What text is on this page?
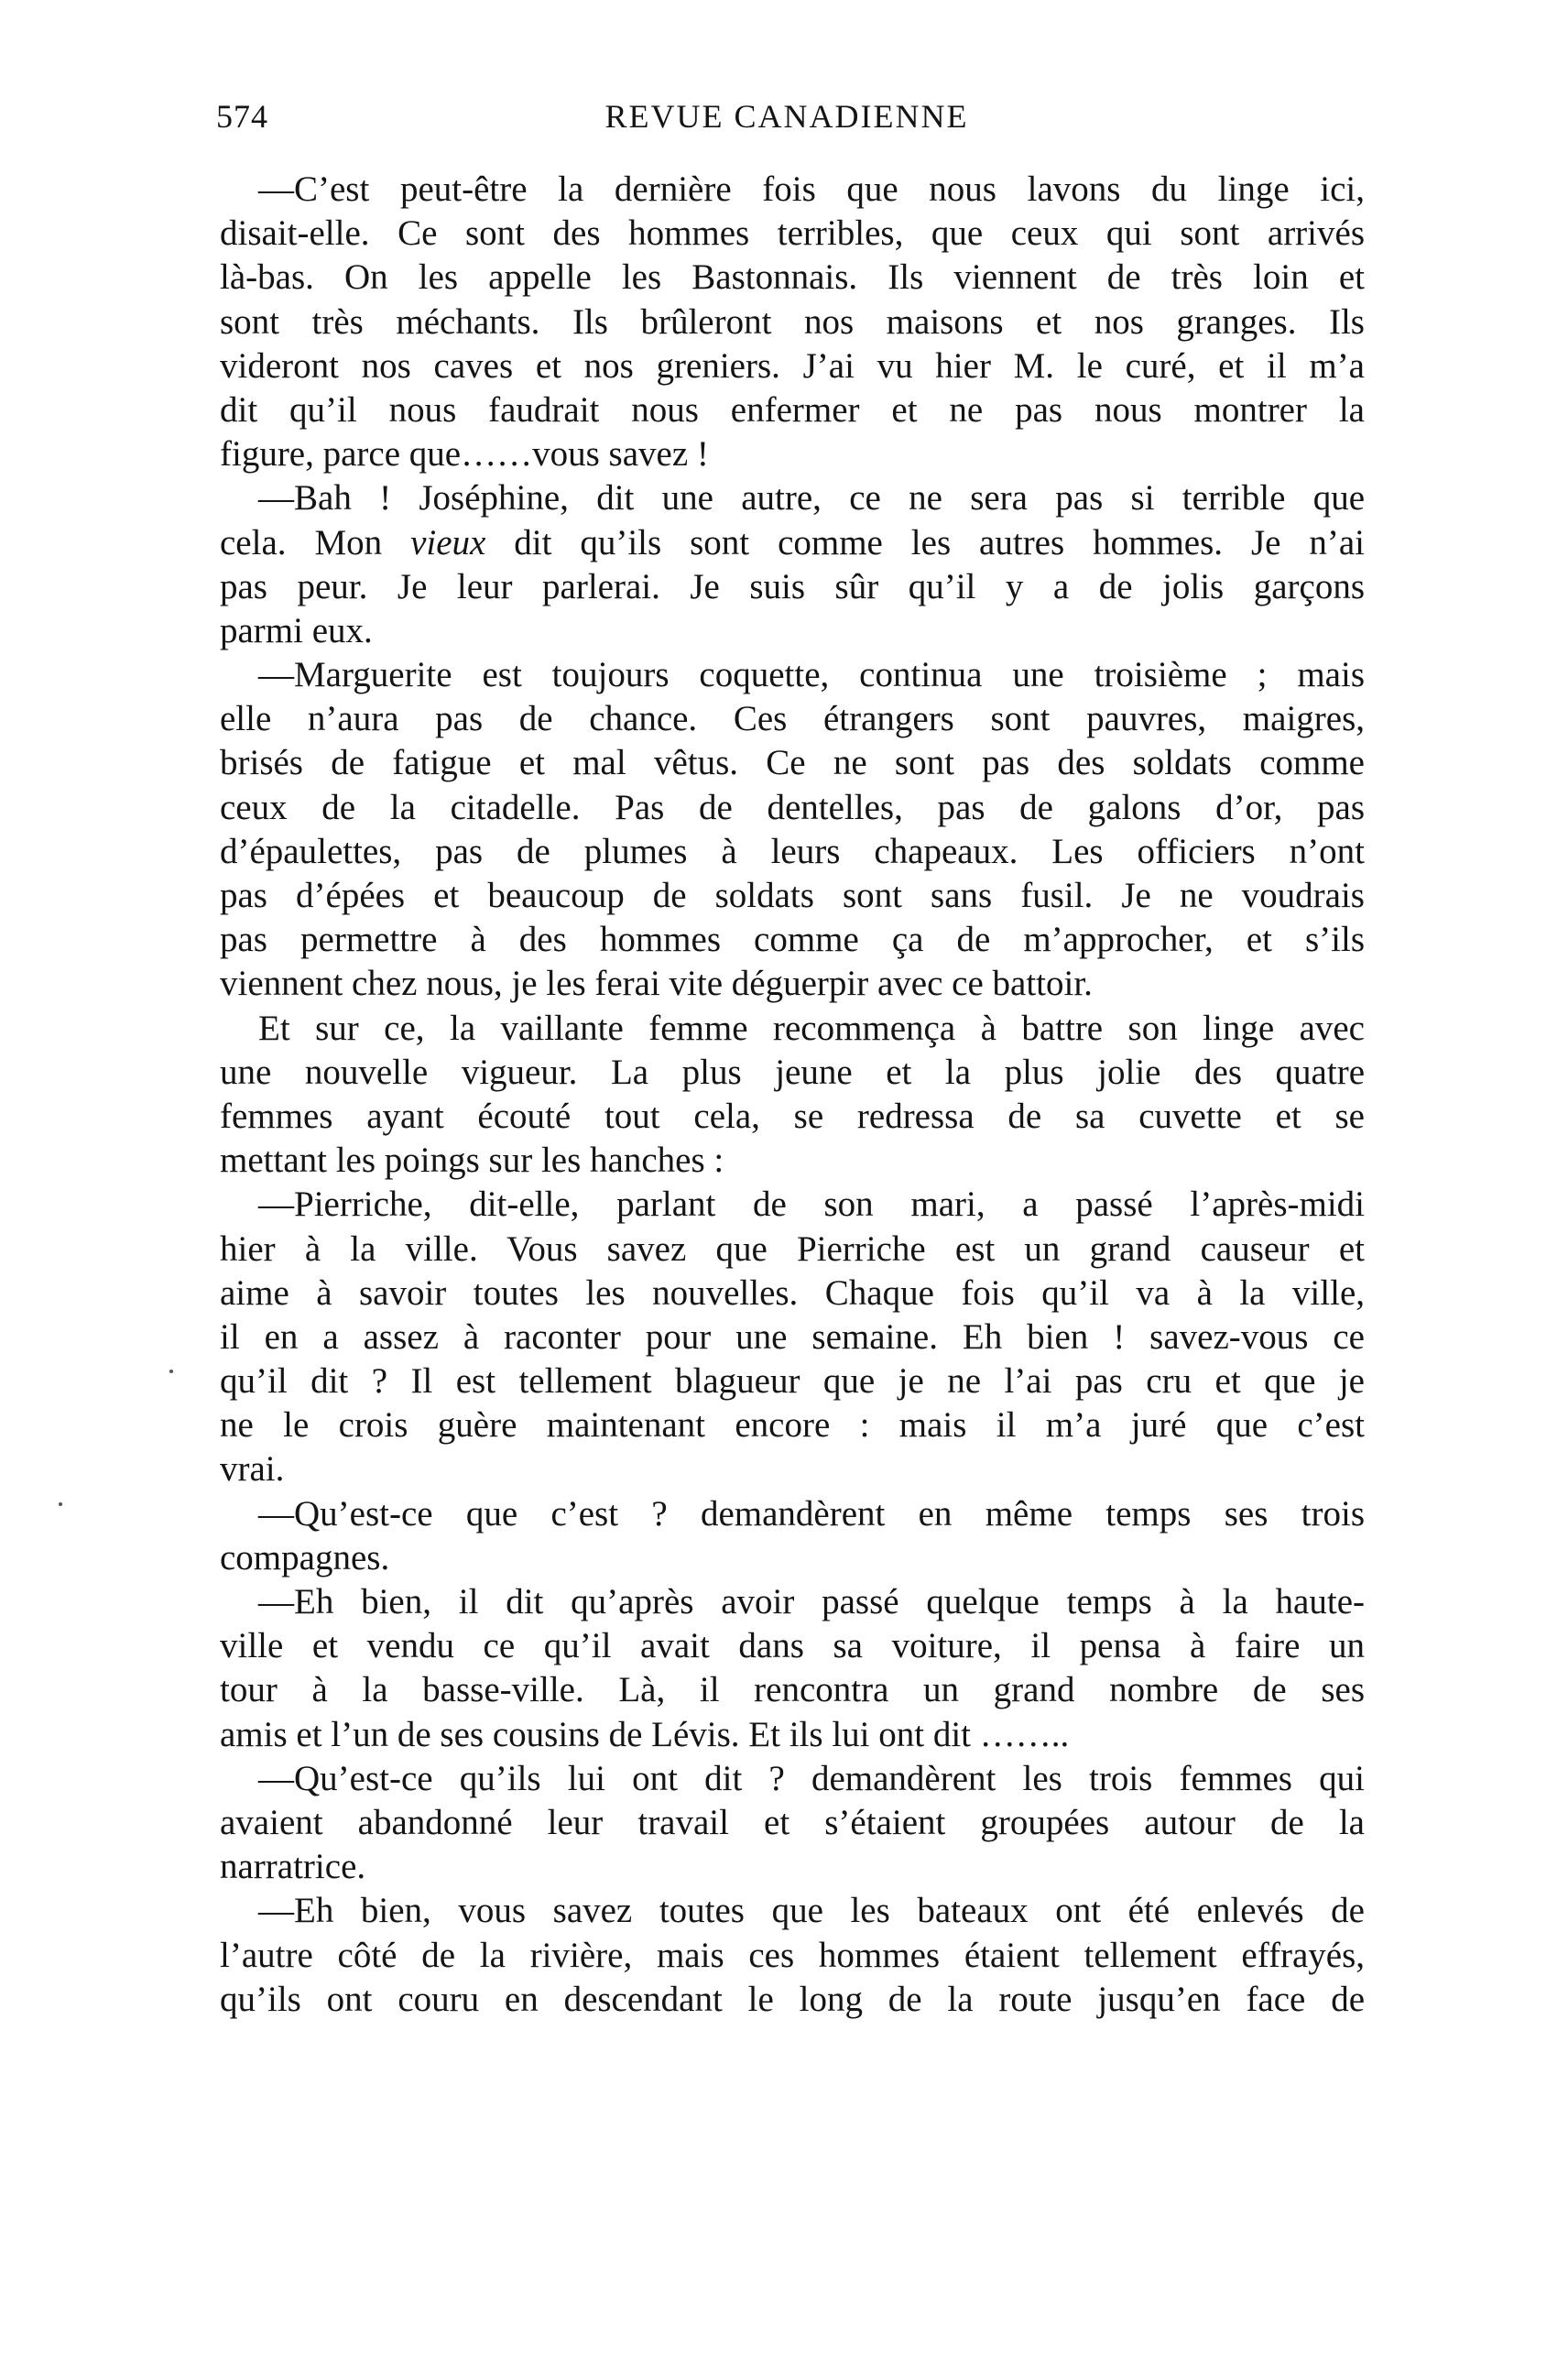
574	REVUE CANADIENNE
—C’est peut-être la dernière fois que nous lavons du linge ici,
disait-elle. Ce sont des hommes terribles, que ceux qui sont arrivés
là-bas. On les appelle les Bastonnais. Ils viennent de très loin et
sont très méchants. Ils brûleront nos maisons et nos granges. Ils
videront nos caves et nos greniers. J’ai vu hier M. le curé, et il m’a
dit qu’il nous faudrait nous enfermer et ne pas nous montrer la
figure, parce que……vous savez !
—Bah ! Joséphine, dit une autre, ce ne sera pas si terrible que
cela. Mon vieux dit qu’ils sont comme les autres hommes. Je n’ai
pas peur. Je leur parlerai. Je suis sûr qu’il y a de jolis garçons
parmi eux.
—Marguerite est toujours coquette, continua une troisième ; mais
elle n’aura pas de chance. Ces étrangers sont pauvres, maigres,
brisés de fatigue et mal vêtus. Ce ne sont pas des soldats comme
ceux de la citadelle. Pas de dentelles, pas de galons d’or, pas
d’épaulettes, pas de plumes à leurs chapeaux. Les officiers n’ont
pas d’épées et beaucoup de soldats sont sans fusil. Je ne voudrais
pas permettre à des hommes comme ça de m’approcher, et s’ils
viennent chez nous, je les ferai vite déguerpir avec ce battoir.
Et sur ce, la vaillante femme recommença à battre son linge avec
une nouvelle vigueur. La plus jeune et la plus jolie des quatre
femmes ayant écouté tout cela, se redressa de sa cuvette et se
mettant les poings sur les hanches :
—Pierriche, dit-elle, parlant de son mari, a passé l’après-midi
hier à la ville. Vous savez que Pierriche est un grand causeur et
aime à savoir toutes les nouvelles. Chaque fois qu’il va à la ville,
il en a assez à raconter pour une semaine. Eh bien ! savez-vous ce
qu’il dit ? Il est tellement blagueur que je ne l’ai pas cru et que je
ne le crois guère maintenant encore : mais il m’a juré que c’est
vrai.
—Qu’est-ce que c’est ? demandèrent en même temps ses trois
compagnes.
—Eh bien, il dit qu’après avoir passé quelque temps à la haute-
ville et vendu ce qu’il avait dans sa voiture, il pensa à faire un
tour à la basse-ville. Là, il rencontra un grand nombre de ses
amis et l’un de ses cousins de Lévis. Et ils lui ont dit ……..
—Qu’est-ce qu’ils lui ont dit ? demandèrent les trois femmes qui
avaient abandonné leur travail et s’étaient groupées autour de la
narratrice.
—Eh bien, vous savez toutes que les bateaux ont été enlevés de
l’autre côté de la rivière, mais ces hommes étaient tellement effrayés,
qu’ils ont couru en descendant le long de la route jusqu’en face de
